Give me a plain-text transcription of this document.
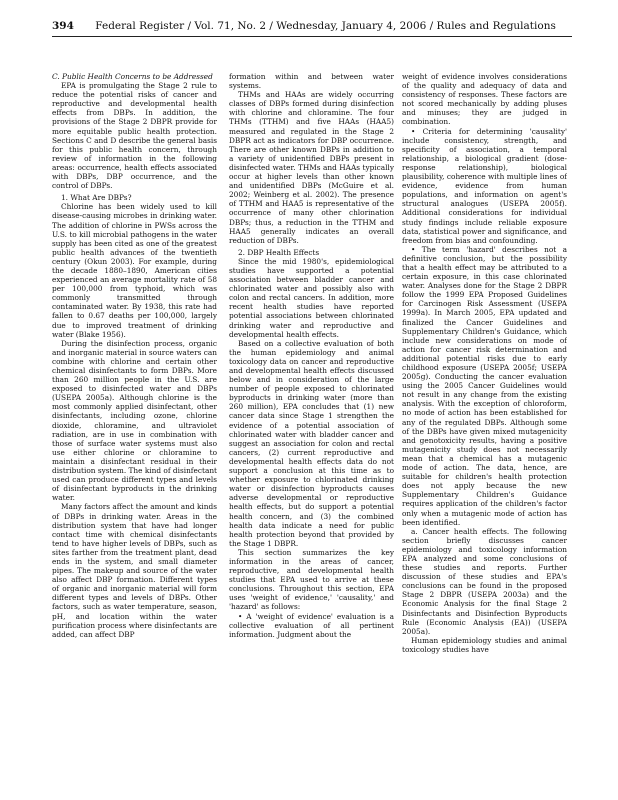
394 Federal Register / Vol. 71, No. 2 / Wednesday, January 4, 2006 / Rules and Regulations

C. Public Health Concerns to be Addressed

EPA is promulgating the Stage 2 rule to reduce the potential risks of cancer and reproductive and developmental health effects from DBPs. In addition, the provisions of the Stage 2 DBPR provide for more equitable public health protection. Sections C and D describe the general basis for this public health concern, through review of information in the following areas: occurrence, health effects associated with DBPs, DBP occurrence, and the control of DBPs.

1. What Are DBPs?

Chlorine has been widely used to kill disease-causing microbes in drinking water. The addition of chlorine in PWSs across the U.S. to kill microbial pathogens in the water supply has been cited as one of the greatest public health advances of the twentieth century (Okun 2003). For example, during the decade 1880–1890, American cities experienced an average mortality rate of 58 per 100,000 from typhoid, which was commonly transmitted through contaminated water. By 1938, this rate had fallen to 0.67 deaths per 100,000, largely due to improved treatment of drinking water (Blake 1956).

During the disinfection process, organic and inorganic material in source waters can combine with chlorine and certain other chemical disinfectants to form DBPs. More than 260 million people in the U.S. are exposed to disinfected water and DBPs (USEPA 2005a). Although chlorine is the most commonly applied disinfectant, other disinfectants, including ozone, chlorine dioxide, chloramine, and ultraviolet radiation, are in use in combination with those of surface water systems must also use either chlorine or chloramine to maintain a disinfectant residual in their distribution system. The kind of disinfectant used can produce different types and levels of disinfectant byproducts in the drinking water.

Many factors affect the amount and kinds of DBPs in drinking water. Areas in the distribution system that have had longer contact time with chemical disinfectants tend to have higher levels of DBPs, such as sites farther from the treatment plant, dead ends in the system, and small diameter pipes. The makeup and source of the water also affect DBP formation. Different types of organic and inorganic material will form different types and levels of DBPs. Other factors, such as water temperature, season, pH, and location within the water purification process where disinfectants are added, can affect DBP

formation within and between water systems.

THMs and HAAs are widely occurring classes of DBPs formed during disinfection with chlorine and chloramine. The four THMs (TTHM) and five HAAs (HAA5) measured and regulated in the Stage 2 DBPR act as indicators for DBP occurrence. There are other known DBPs in addition to a variety of unidentified DBPs present in disinfected water. THMs and HAAs typically occur at higher levels than other known and unidentified DBPs (McGuire et al. 2002; Weinberg et al. 2002). The presence of TTHM and HAA5 is representative of the occurrence of many other chlorination DBPs; thus, a reduction in the TTHM and HAA5 generally indicates an overall reduction of DBPs.

2. DBP Health Effects

Since the mid 1980's, epidemiological studies have supported a potential association between bladder cancer and chlorinated water and possibly also with colon and rectal cancers. In addition, more recent health studies have reported potential associations between chlorinated drinking water and reproductive and developmental health effects.

Based on a collective evaluation of both the human epidemiology and animal toxicology data on cancer and reproductive and developmental health effects discussed below and in consideration of the large number of people exposed to chlorinated byproducts in drinking water (more than 260 million), EPA concludes that (1) new cancer data since Stage 1 strengthen the evidence of a potential association of chlorinated water with bladder cancer and suggest an association for colon and rectal cancers, (2) current reproductive and developmental health effects data do not support a conclusion at this time as to whether exposure to chlorinated drinking water or disinfection byproducts causes adverse developmental or reproductive health effects, but do support a potential health concern, and (3) the combined health data indicate a need for public health protection beyond that provided by the Stage 1 DBPR.

This section summarizes the key information in the areas of cancer, reproductive, and developmental health studies that EPA used to arrive at these conclusions. Throughout this section, EPA uses 'weight of evidence,' 'causality,' and 'hazard' as follows:

• A 'weight of evidence' evaluation is a collective evaluation of all pertinent information. Judgment about the

weight of evidence involves considerations of the quality and adequacy of data and consistency of responses. These factors are not scored mechanically by adding pluses and minuses; they are judged in combination.

• Criteria for determining 'causality' include consistency, strength, and specificity of association, a temporal relationship, a biological gradient (dose-response relationship), biological plausibility, coherence with multiple lines of evidence, evidence from human populations, and information on agent's structural analogues (USEPA 2005f). Additional considerations for individual study findings include reliable exposure data, statistical power and significance, and freedom from bias and confounding.

• The term 'hazard' describes not a definitive conclusion, but the possibility that a health effect may be attributed to a certain exposure, in this case chlorinated water. Analyses done for the Stage 2 DBPR follow the 1999 EPA Proposed Guidelines for Carcinogen Risk Assessment (USEPA 1999a). In March 2005, EPA updated and finalized the Cancer Guidelines and Supplementary Children's Guidance, which include new considerations on mode of action for cancer risk determination and additional potential risks due to early childhood exposure (USEPA 2005f; USEPA 2005g). Conducting the cancer evaluation using the 2005 Cancer Guidelines would not result in any change from the existing analysis. With the exception of chloroform, no mode of action has been established for any of the regulated DBPs. Although some of the DBPs have given mixed mutagenicity and genotoxicity results, having a positive mutagenicity study does not necessarily mean that a chemical has a mutagenic mode of action. The data, hence, are suitable for children's health protection does not apply because the new Supplementary Children's Guidance requires application of the children's factor only when a mutagenic mode of action has been identified.

a. Cancer health effects. The following section briefly discusses cancer epidemiology and toxicology information EPA analyzed and some conclusions of these studies and reports. Further discussion of these studies and EPA's conclusions can be found in the proposed Stage 2 DBPR (USEPA 2003a) and the Economic Analysis for the final Stage 2 Disinfectants and Disinfection Byproducts Rule (Economic Analysis (EA)) (USEPA 2005a).

Human epidemiology studies and animal toxicology studies have
